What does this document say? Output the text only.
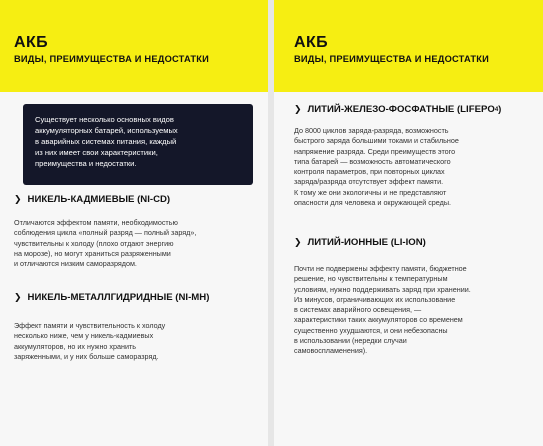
АКБ
ВИДЫ, ПРЕИМУЩЕСТВА И НЕДОСТАТКИ

Существует несколько основных видов
аккумуляторных батарей, используемых
в аварийных системах питания, каждый
из них имеет свои характеристики,
преимущества и недостатки.

❯ НИКЕЛЬ-КАДМИЕВЫЕ (NI-CD)
Отличаются эффектом памяти, необходимостью
соблюдения цикла «полный разряд — полный заряд»,
чувствительны к холоду (плохо отдают энергию
на морозе), но могут храниться разряженными
и отличаются низким саморазрядом.
❯ НИКЕЛЬ-МЕТАЛЛГИДРИДНЫЕ (NI-MH)
Эффект памяти и чувствительность к холоду
несколько ниже, чем у никель-кадмиевых
аккумуляторов, но их нужно хранить
заряженными, и у них больше саморазряд.
АКБ
ВИДЫ, ПРЕИМУЩЕСТВА И НЕДОСТАТКИ
❯ ЛИТИЙ-ЖЕЛЕЗО-ФОСФАТНЫЕ (LIFEPO 4 )
До 8000 циклов заряда-разряда, возможность
быстрого заряда большими токами и стабильное
напряжение разряда. Среди преимуществ этого
типа батарей — возможность автоматического
контроля параметров, при повторных циклах
заряда/разряда отсутствует эффект памяти.
К тому же они экологичны и не представляют
опасности для человека и окружающей среды.
❯ ЛИТИЙ-ИОННЫЕ (LI-ION)
Почти не подвержены эффекту памяти, бюджетное
решение, но чувствительны к температурным
условиям, нужно поддерживать заряд при хранении.
Из минусов, ограничивающих их использование
в системах аварийного освещения, —
характеристики таких аккумуляторов со временем
существенно ухудшаются, и они небезопасны
в использовании (нередки случаи
самовоспламенения).
